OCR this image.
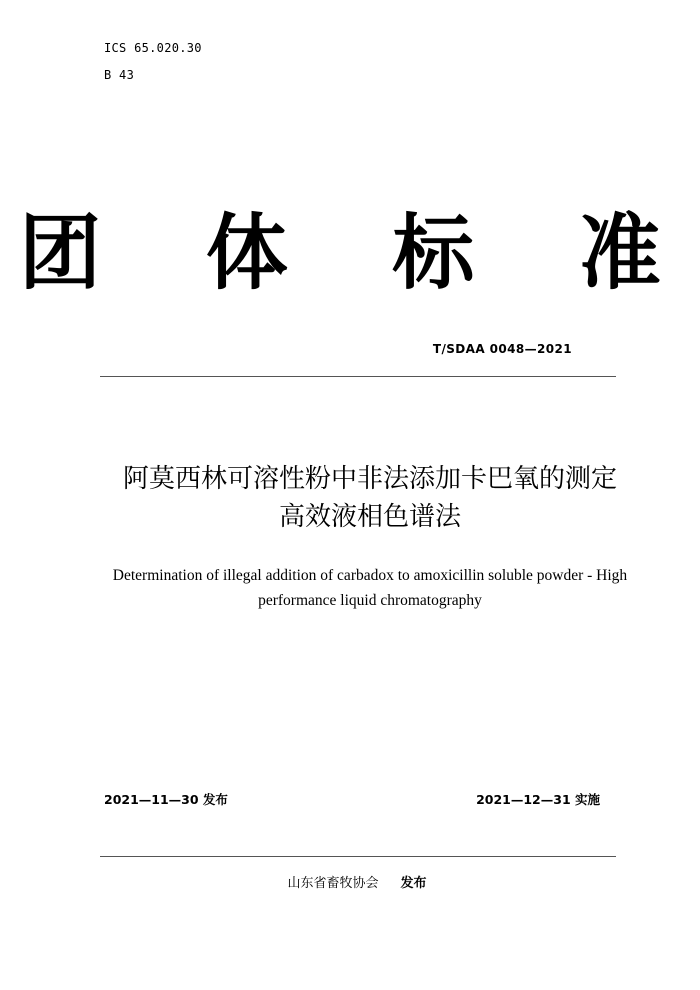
ICS 65.020.30
B 43
团 体 标 准
T/SDAA 0048—2021
阿莫西林可溶性粉中非法添加卡巴氧的测定
高效液相色谱法
Determination of illegal addition of carbadox to amoxicillin soluble powder - High
performance liquid chromatography
2021—11—30 发布	2021—12—31 实施
山东省畜牧协会 发布
